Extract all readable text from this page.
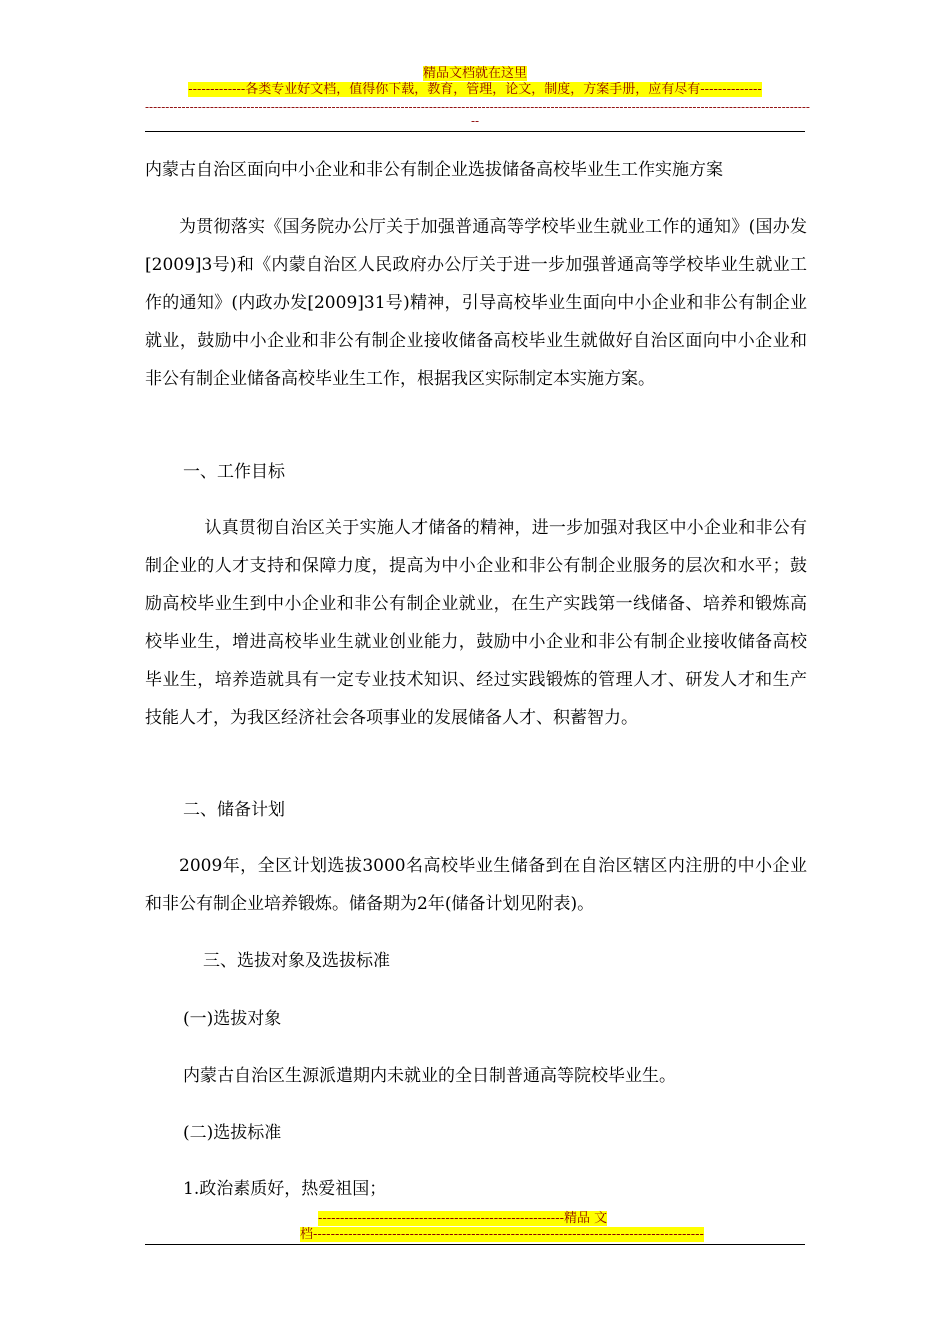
精品文档就在这里
-------------各类专业好文档，值得你下载，教育，管理，论文，制度，方案手册，应有尽有--------------
--------------------------------------------------------------------------------------------------------------------------------------------------------------------
--
内蒙古自治区面向中小企业和非公有制企业选拔储备高校毕业生工作实施方案
为贯彻落实《国务院办公厅关于加强普通高等学校毕业生就业工作的通知》(国办发[2009]3号)和《内蒙自治区人民政府办公厅关于进一步加强普通高等学校毕业生就业工作的通知》(内政办发[2009]31号)精神，引导高校毕业生面向中小企业和非公有制企业就业，鼓励中小企业和非公有制企业接收储备高校毕业生就做好自治区面向中小企业和非公有制企业储备高校毕业生工作，根据我区实际制定本实施方案。
一、工作目标
认真贯彻自治区关于实施人才储备的精神，进一步加强对我区中小企业和非公有制企业的人才支持和保障力度，提高为中小企业和非公有制企业服务的层次和水平；鼓励高校毕业生到中小企业和非公有制企业就业，在生产实践第一线储备、培养和锻炼高校毕业生，增进高校毕业生就业创业能力，鼓励中小企业和非公有制企业接收储备高校毕业生，培养造就具有一定专业技术知识、经过实践锻炼的管理人才、研发人才和生产技能人才，为我区经济社会各项事业的发展储备人才、积蓄智力。
二、储备计划
2009年，全区计划选拔3000名高校毕业生储备到在自治区辖区内注册的中小企业和非公有制企业培养锻炼。储备期为2年(储备计划见附表)。
三、选拔对象及选拔标准
(一)选拔对象
内蒙古自治区生源派遣期内未就业的全日制普通高等院校毕业生。
(二)选拔标准
1.政治素质好，热爱祖国；
--------------------------------------------------------精品 文
档-----------------------------------------------------------------------------------------
